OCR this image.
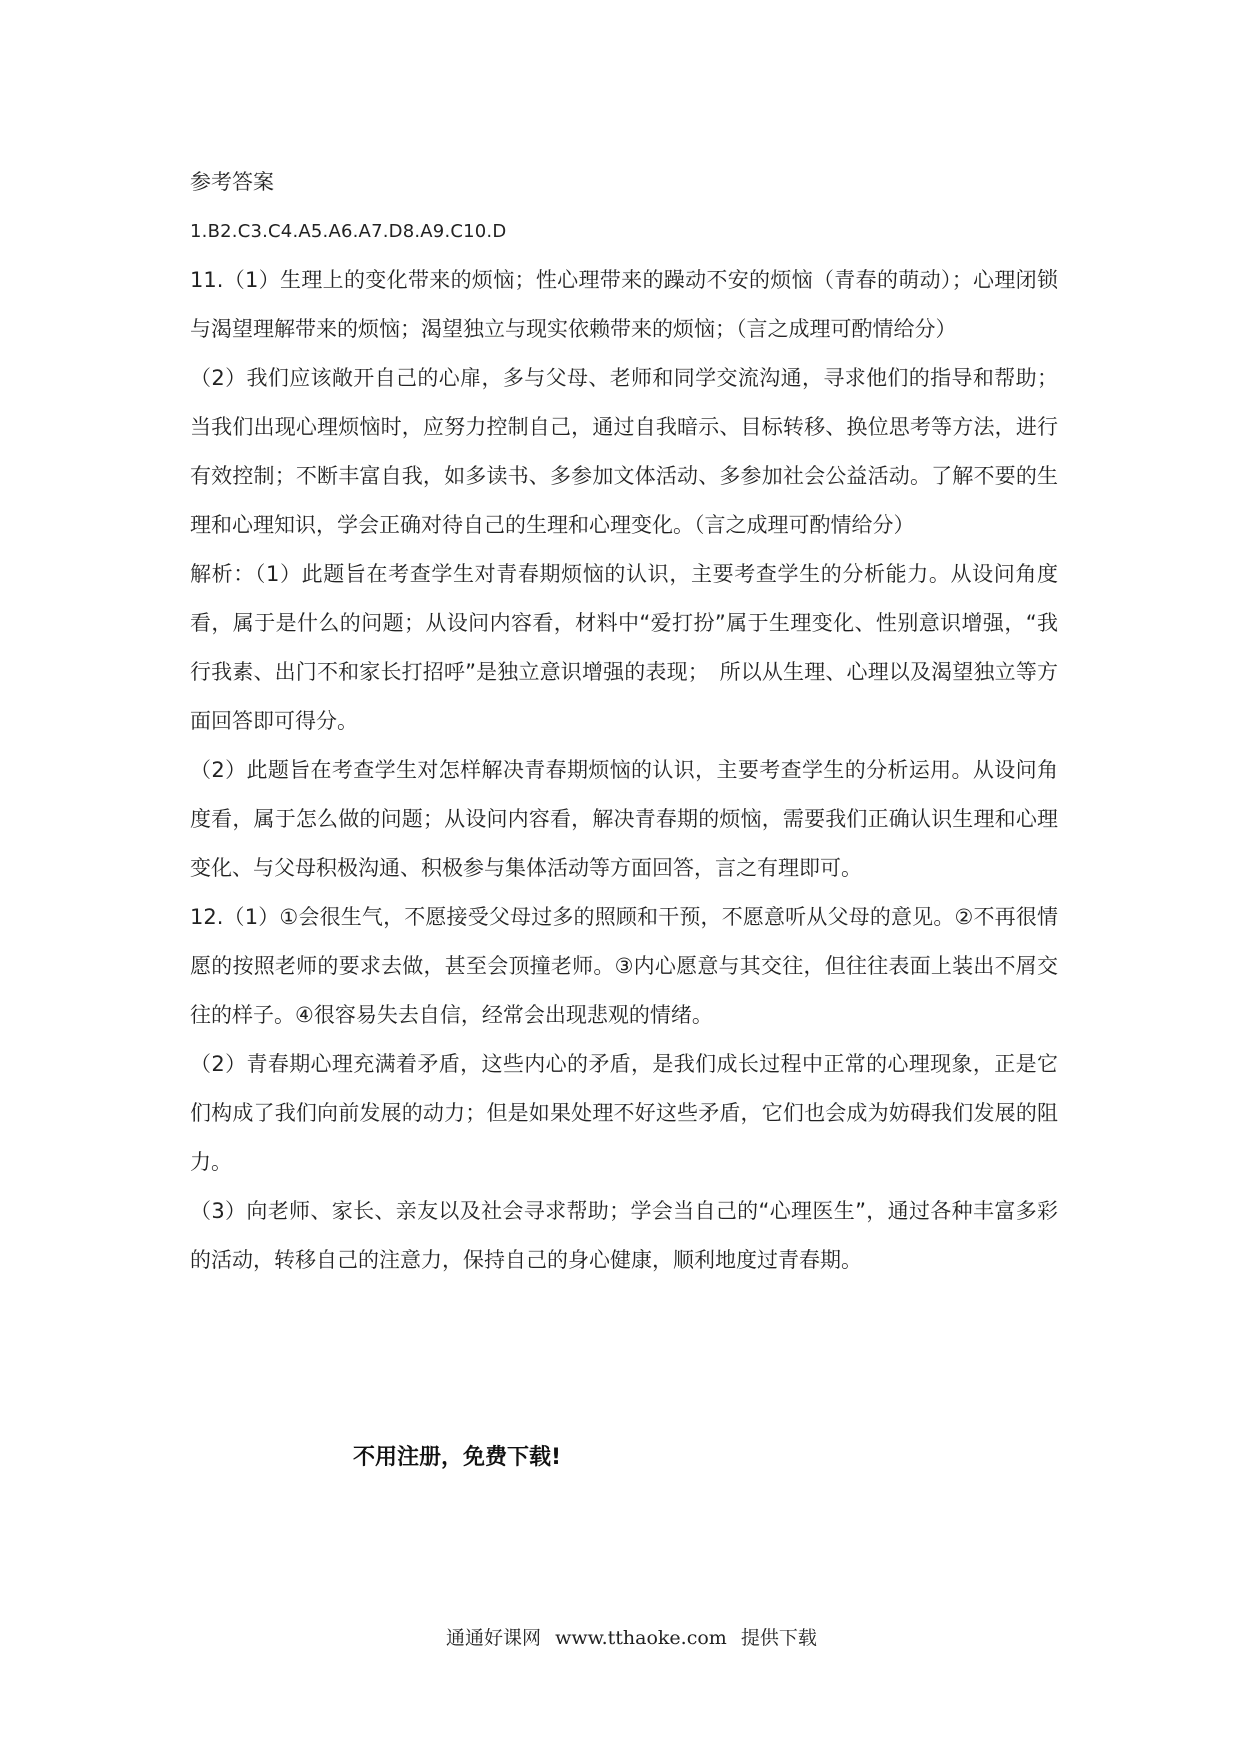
参考答案

1.B2.C3.C4.A5.A6.A7.D8.A9.C10.D

11.（1）生理上的变化带来的烦恼；性心理带来的躁动不安的烦恼（青春的萌动）；心理闭锁与渴望理解带来的烦恼；渴望独立与现实依赖带来的烦恼；（言之成理可酌情给分）

（2）我们应该敞开自己的心扉，多与父母、老师和同学交流沟通，寻求他们的指导和帮助；当我们出现心理烦恼时，应努力控制自己，通过自我暗示、目标转移、换位思考等方法，进行有效控制；不断丰富自我，如多读书、多参加文体活动、多参加社会公益活动。了解不要的生理和心理知识，学会正确对待自己的生理和心理变化。（言之成理可酌情给分）

解析：（1）此题旨在考查学生对青春期烦恼的认识，主要考查学生的分析能力。从设问角度看，属于是什么的问题；从设问内容看，材料中“爱打扮”属于生理变化、性别意识增强，“我行我素、出门不和家长打招呼”是独立意识增强的表现；　所以从生理、心理以及渴望独立等方面回答即可得分。

（2）此题旨在考查学生对怎样解决青春期烦恼的认识，主要考查学生的分析运用。从设问角度看，属于怎么做的问题；从设问内容看，解决青春期的烦恼，需要我们正确认识生理和心理变化、与父母积极沟通、积极参与集体活动等方面回答，言之有理即可。

12.（1）①会很生气，不愿接受父母过多的照顾和干预，不愿意听从父母的意见。②不再很情愿的按照老师的要求去做，甚至会顶撞老师。③内心愿意与其交往，但往往表面上装出不屑交往的样子。④很容易失去自信，经常会出现悲观的情绪。

（2）青春期心理充满着矛盾，这些内心的矛盾，是我们成长过程中正常的心理现象，正是它们构成了我们向前发展的动力；但是如果处理不好这些矛盾，它们也会成为妨碍我们发展的阻力。

（3）向老师、家长、亲友以及社会寻求帮助；学会当自己的“心理医生”，通过各种丰富多彩的活动，转移自己的注意力，保持自己的身心健康，顺利地度过青春期。

不用注册，免费下载!
通通好课网 www.tthaoke.com 提供下载
